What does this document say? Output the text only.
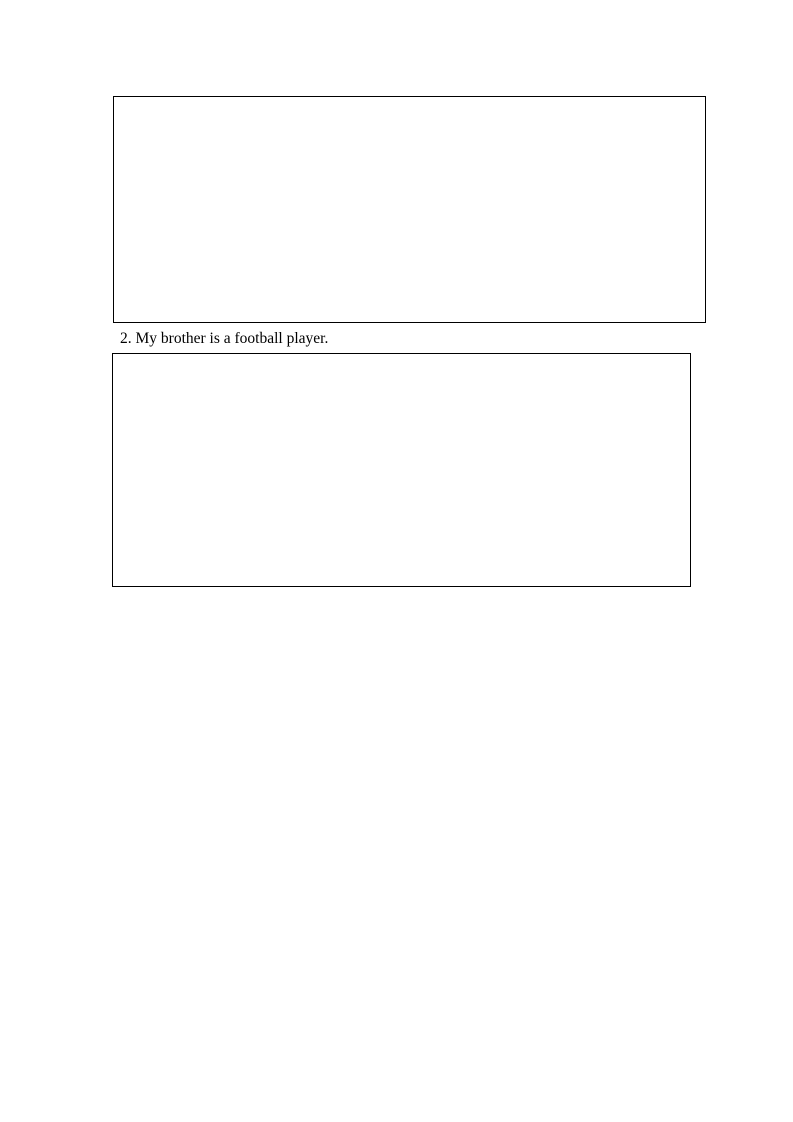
2. My brother is a football player.
